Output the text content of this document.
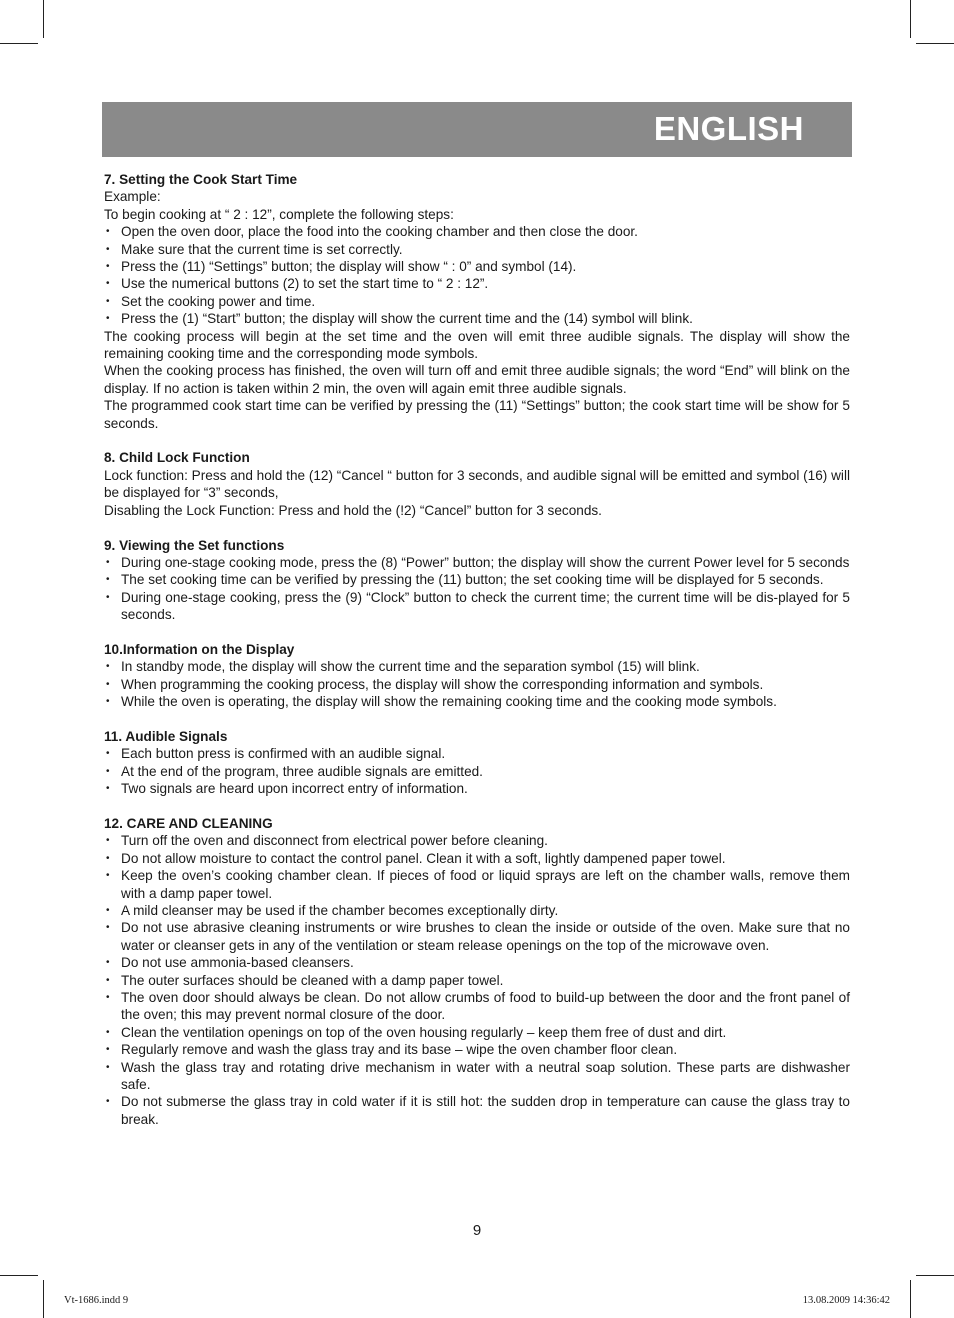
ENGLISH
7. Setting the Cook Start Time

Example:

To begin cooking at “ 2 : 12”, complete the following steps:

• Open the oven door, place the food into the cooking chamber and then close the door.
• Make sure that the current time is set correctly.
• Press the (11) “Settings” button; the display will show “ : 0” and symbol (14).
• Use the numerical buttons (2) to set the start time to “ 2 : 12”.
• Set the cooking power and time.
• Press the (1) “Start” button; the display will show the current time and the (14) symbol will blink.

The cooking process will begin at the set time and the oven will emit three audible signals. The display will show the remaining cooking time and the corresponding mode symbols.

When the cooking process has finished, the oven will turn off and emit three audible signals; the word “End” will blink on the display. If no action is taken within 2 min, the oven will again emit three audible signals.

The programmed cook start time can be verified by pressing the (11) “Settings” button; the cook start time will be show for 5 seconds.

8. Child Lock Function

Lock function: Press and hold the (12) “Cancel “ button for 3 seconds, and audible signal will be emitted and symbol (16) will be displayed for “3” seconds,

Disabling the Lock Function: Press and hold the (!2) “Cancel” button for 3 seconds.

9. Viewing the Set functions
• During one-stage cooking mode, press the (8) “Power” button; the display will show the current Power level for 5 seconds
• The set cooking time can be verified by pressing the (11) button; the set cooking time will be displayed for 5 seconds.
• During one-stage cooking, press the (9) “Clock” button to check the current time; the current time will be dis-played for 5 seconds.
10.Information on the Display
• In standby mode, the display will show the current time and the separation symbol (15) will blink.
• When programming the cooking process, the display will show the corresponding information and symbols.
• While the oven is operating, the display will show the remaining cooking time and the cooking mode symbols.
11. Audible Signals
• Each button press is confirmed with an audible signal.
• At the end of the program, three audible signals are emitted.
• Two signals are heard upon incorrect entry of information.
12. CARE AND CLEANING
• Turn off the oven and disconnect from electrical power before cleaning.
• Do not allow moisture to contact the control panel. Clean it with a soft, lightly dampened paper towel.
• Keep the oven’s cooking chamber clean. If pieces of food or liquid sprays are left on the chamber walls, remove them with a damp paper towel.
• A mild cleanser may be used if the chamber becomes exceptionally dirty.
• Do not use abrasive cleaning instruments or wire brushes to clean the inside or outside of the oven. Make sure that no water or cleanser gets in any of the ventilation or steam release openings on the top of the microwave oven.
• Do not use ammonia-based cleansers.
• The outer surfaces should be cleaned with a damp paper towel.
• The oven door should always be clean. Do not allow crumbs of food to build-up between the door and the front panel of the oven; this may prevent normal closure of the door.
• Clean the ventilation openings on top of the oven housing regularly – keep them free of dust and dirt.
• Regularly remove and wash the glass tray and its base – wipe the oven chamber floor clean.
• Wash the glass tray and rotating drive mechanism in water with a neutral soap solution. These parts are dishwasher safe.
• Do not submerse the glass tray in cold water if it is still hot: the sudden drop in temperature can cause the glass tray to break.
9
Vt-1686.indd 9	13.08.2009 14:36:42
